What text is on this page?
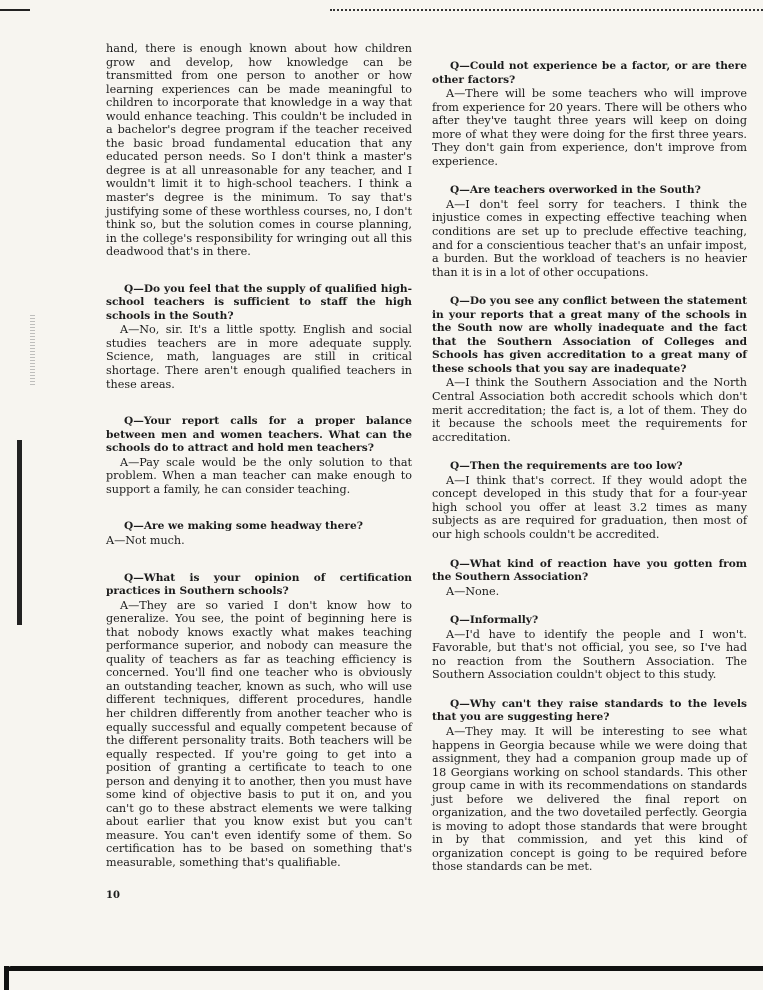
hand, there is enough known about how children grow and develop, how knowledge can be transmitted from one person to another or how learning experiences can be made meaningful to children to incorporate that knowledge in a way that would enhance teaching. This couldn't be included in a bachelor's degree program if the teacher received the basic broad fundamental education that any educated person needs. So I don't think a master's degree is at all unreasonable for any teacher, and I wouldn't limit it to high-school teachers. I think a master's degree is the minimum. To say that's justifying some of these worthless courses, no, I don't think so, but the solution comes in course planning, in the college's responsibility for wringing out all this deadwood that's in there.

Q—Do you feel that the supply of qualified high-school teachers is sufficient to staff the high schools in the South?

A—No, sir. It's a little spotty. English and social studies teachers are in more adequate supply. Science, math, languages are still in critical shortage. There aren't enough qualified teachers in these areas.

Q—Your report calls for a proper balance between men and women teachers. What can the schools do to attract and hold men teachers?

A—Pay scale would be the only solution to that problem. When a man teacher can make enough to support a family, he can consider teaching.

Q—Are we making some headway there?

A—Not much.

Q—What is your opinion of certification practices in Southern schools?

A—They are so varied I don't know how to generalize. You see, the point of beginning here is that nobody knows exactly what makes teaching performance superior, and nobody can measure the quality of teachers as far as teaching efficiency is concerned. You'll find one teacher who is obviously an outstanding teacher, known as such, who will use different techniques, different procedures, handle her children differently from another teacher who is equally successful and equally competent because of the different personality traits. Both teachers will be equally respected. If you're going to get into a position of granting a certificate to teach to one person and denying it to another, then you must have some kind of objective basis to put it on, and you can't go to these abstract elements we were talking about earlier that you know exist but you can't measure. You can't even identify some of them. So certification has to be based on something that's measurable, something that's qualifiable.

Q—Could not experience be a factor, or are there other factors?

A—There will be some teachers who will improve from experience for 20 years. There will be others who after they've taught three years will keep on doing more of what they were doing for the first three years. They don't gain from experience, don't improve from experience.

Q—Are teachers overworked in the South?

A—I don't feel sorry for teachers. I think the injustice comes in expecting effective teaching when conditions are set up to preclude effective teaching, and for a conscientious teacher that's an unfair impost, a burden. But the workload of teachers is no heavier than it is in a lot of other occupations.

Q—Do you see any conflict between the statement in your reports that a great many of the schools in the South now are wholly inadequate and the fact that the Southern Association of Colleges and Schools has given accreditation to a great many of these schools that you say are inadequate?

A—I think the Southern Association and the North Central Association both accredit schools which don't merit accreditation; the fact is, a lot of them. They do it because the schools meet the requirements for accreditation.

Q—Then the requirements are too low?

A—I think that's correct. If they would adopt the concept developed in this study that for a four-year high school you offer at least 3.2 times as many subjects as are required for graduation, then most of our high schools couldn't be accredited.

Q—What kind of reaction have you gotten from the Southern Association?

A—None.

Q—Informally?

A—I'd have to identify the people and I won't. Favorable, but that's not official, you see, so I've had no reaction from the Southern Association. The Southern Association couldn't object to this study.

Q—Why can't they raise standards to the levels that you are suggesting here?

A—They may. It will be interesting to see what happens in Georgia because while we were doing that assignment, they had a companion group made up of 18 Georgians working on school standards. This other group came in with its recommendations on standards just before we delivered the final report on organization, and the two dovetailed perfectly. Georgia is moving to adopt those standards that were brought in by that commission, and yet this kind of organization concept is going to be required before those standards can be met.

10
